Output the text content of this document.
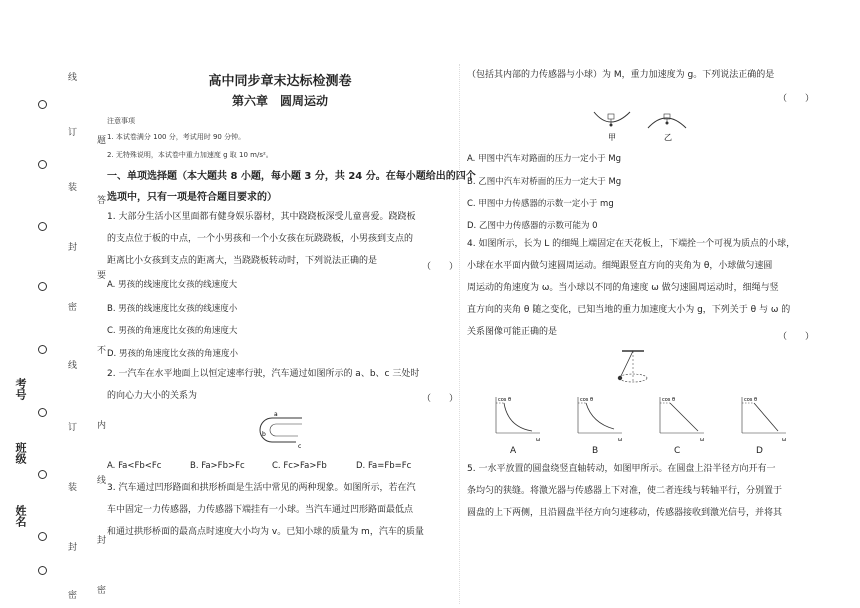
线
订
装
封
密
线
订
装
封
密
题
答
要
不
内
线
封
密
考号
班级
姓名
高中同步章末达标检测卷
第六章　圆周运动
注意事项
1. 本试卷满分 100 分，考试用时 90 分钟。
2. 无特殊说明，本试卷中重力加速度 g 取 10 m/s²。
一、单项选择题（本大题共 8 小题，每小题 3 分，共 24 分。在每小题给出的四个
选项中，只有一项是符合题目要求的）
1. 大部分生活小区里面都有健身娱乐器材，其中跷跷板深受儿童喜爱。跷跷板
的支点位于板的中点，一个小男孩和一个小女孩在玩跷跷板，小男孩到支点的
距离比小女孩到支点的距离大，当跷跷板转动时，下列说法正确的是
（　　）
A. 男孩的线速度比女孩的线速度大
B. 男孩的线速度比女孩的线速度小
C. 男孩的角速度比女孩的角速度大
D. 男孩的角速度比女孩的角速度小
2. 一汽车在水平地面上以恒定速率行驶，汽车通过如图所示的 a、b、c 三处时
的向心力大小的关系为	（　　）
a
b
c
A. Fa<Fb<Fc	B. Fa>Fb>Fc	C. Fc>Fa>Fb	D. Fa=Fb=Fc
3. 汽车通过凹形路面和拱形桥面是生活中常见的两种现象。如图所示，若在汽
车中固定一力传感器，力传感器下端挂有一小球。当汽车通过凹形路面最低点
和通过拱形桥面的最高点时速度大小均为 v。已知小球的质量为 m，汽车的质量
（包括其内部的力传感器与小球）为 M，重力加速度为 g。下列说法正确的是
（　　）
甲	乙
A. 甲图中汽车对路面的压力一定小于 Mg
B. 乙图中汽车对桥面的压力一定大于 Mg
C. 甲图中力传感器的示数一定小于 mg
D. 乙图中力传感器的示数可能为 0
4. 如图所示，长为 L 的细绳上端固定在天花板上，下端拴一个可视为质点的小球，
小球在水平面内做匀速圆周运动。细绳跟竖直方向的夹角为 θ，小球做匀速圆
周运动的角速度为 ω。当小球以不同的角速度 ω 做匀速圆周运动时，细绳与竖
直方向的夹角 θ 随之变化，已知当地的重力加速度大小为 g，下列关于 θ 与 ω 的
关系图像可能正确的是	（　　）
cos θ
ω
cos θ
ω
cos θ
ω
cos θ
ω
A	B	C	D
5. 一水平放置的圆盘绕竖直轴转动，如图甲所示。在圆盘上沿半径方向开有一
条均匀的狭缝。将激光器与传感器上下对准，使二者连线与转轴平行，分别置于
圆盘的上下两侧，且沿圆盘半径方向匀速移动，传感器接收到激光信号，并将其
